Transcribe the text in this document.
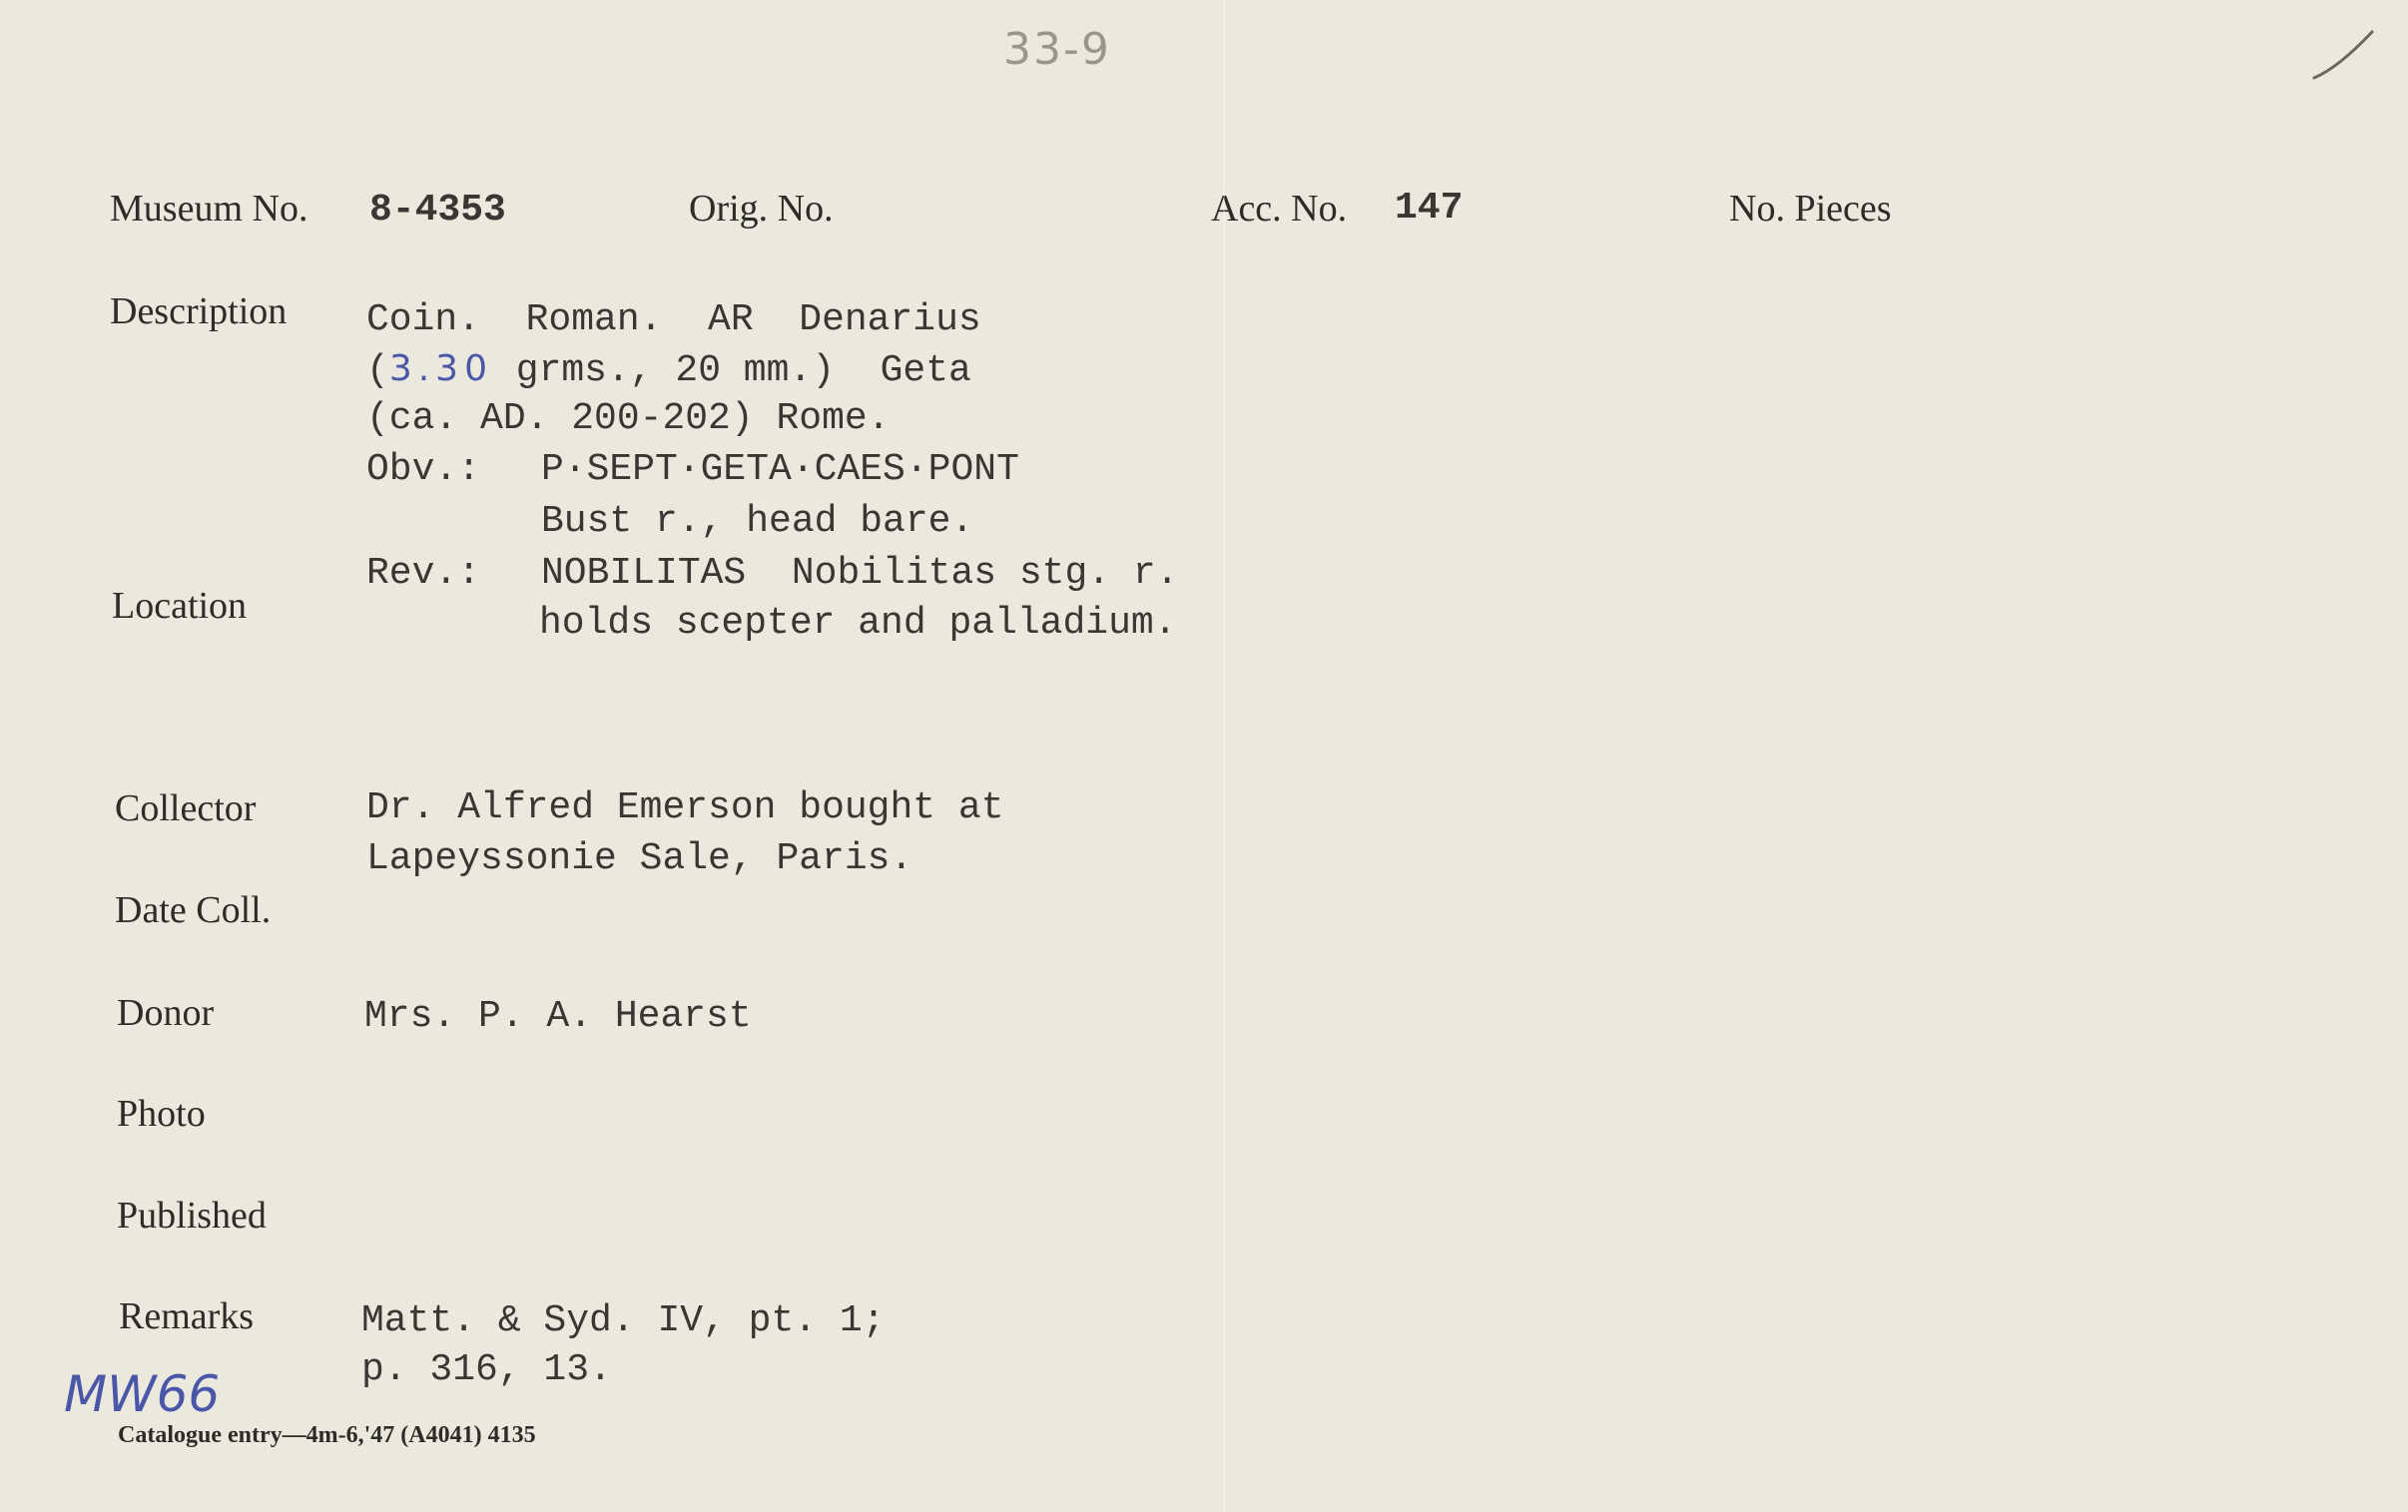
33-9
Museum No. 8-4353	Orig. No.	Acc. No. 147	No. Pieces
Description Coin.  Roman.  AR  Denarius
(3.30 grms., 20 mm.)  Geta
(ca. AD. 200-202) Rome.
Obv.: P·SEPT·GETA·CAES·PONT
Bust r., head bare.
Rev.: NOBILITAS  Nobilitas stg. r.
holds scepter and palladium.
Location
Collector	Dr. Alfred Emerson bought at
Lapeyssonie Sale, Paris.
Date Coll.
Donor	Mrs. P. A. Hearst
Photo
Published
Remarks	Matt. & Syd. IV, pt. 1;
p. 316, 13.
MW66
Catalogue entry—4m-6,'47 (A4041) 4135
